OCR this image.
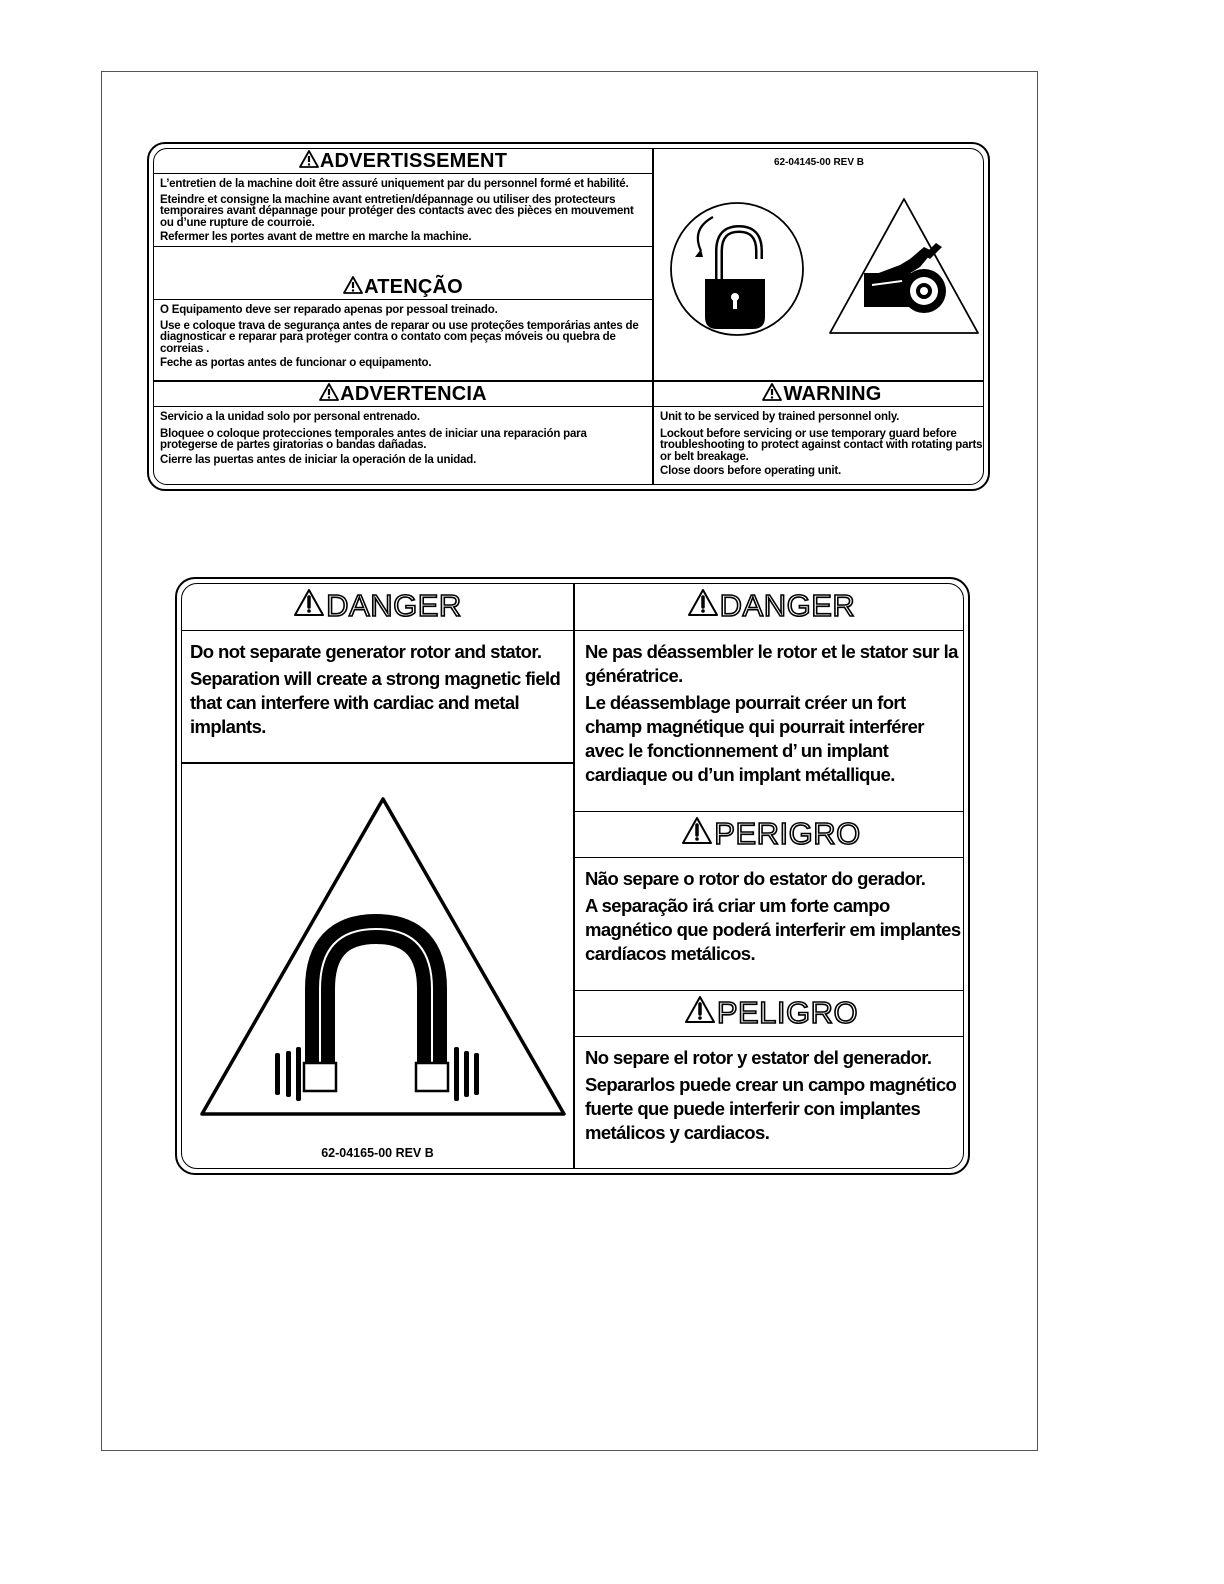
ADVERTISSEMENT

L’entretien de la machine doit être assuré uniquement par du personnel formé et habilité.

Eteindre et consigne la machine avant entretien/dépannage ou utiliser des protecteurs temporaires avant dépannage pour protéger des contacts avec des pièces en mouvement ou d’une rupture de courroie.

Refermer les portes avant de mettre en marche la machine.

ATENÇÃO

O Equipamento deve ser reparado apenas por pessoal treinado.

Use e coloque trava de segurança antes de reparar ou use proteções temporárias antes de diagnosticar e reparar para proteger contra o contato com peças móveis ou quebra de correias .

Feche as portas antes de funcionar o equipamento.

ADVERTENCIA

Servicio a la unidad solo por personal entrenado.

Bloquee o coloque protecciones temporales antes de iniciar una reparación para protegerse de partes giratorias o bandas dañadas.

Cierre las puertas antes de iniciar la operación de la unidad.

62-04145-00 REV B
WARNING

Unit to be serviced by trained personnel only.

Lockout before servicing or use temporary guard before troubleshooting to protect against contact with rotating parts or belt breakage.

Close doors before operating unit.

DANGER

Do not separate generator rotor and stator.

Separation will create a strong magnetic field that can interfere with cardiac and metal implants.

62-04165-00 REV B
DANGER

Ne pas déassembler le rotor et le stator sur la génératrice.

Le déassemblage pourrait créer un fort champ magnétique qui pourrait interférer avec le fonctionnement d’ un implant cardiaque ou d’un implant métallique.

PERIGRO

Não separe o rotor do estator do gerador.

A separação irá criar um forte campo magnético que poderá interferir em implantes cardíacos metálicos.

PELIGRO

No separe el rotor y estator del generador.

Separarlos puede crear un campo magnético fuerte que puede interferir con implantes metálicos y cardiacos.
